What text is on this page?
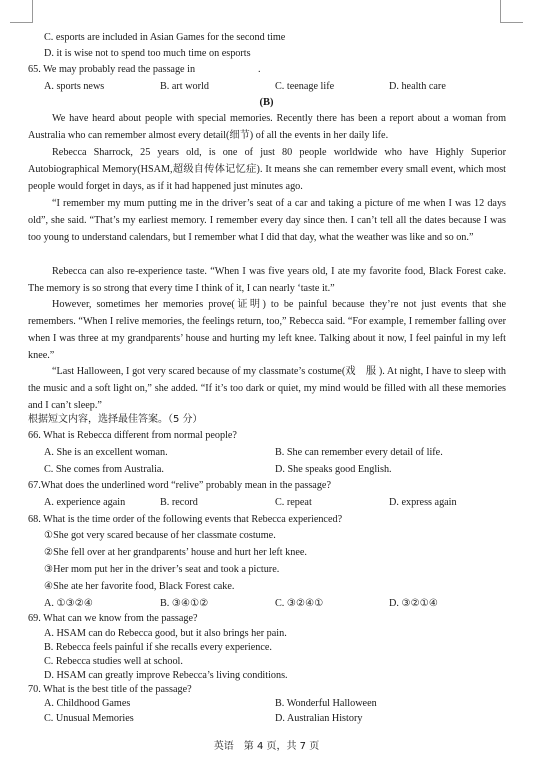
C. esports are included in Asian Games for the second time
D. it is wise not to spend too much time on esports
65. We may probably read the passage in	.
A. sports news	B. art world	C. teenage life	D. health care
(B)
We have heard about people with special memories. Recently there has been a report about a woman from Australia who can remember almost every detail(细节) of all the events in her daily life.
Rebecca Sharrock, 25 years old, is one of just 80 people worldwide who have Highly Superior Autobiographical Memory(HSAM,超级自传体记忆症). It means she can remember every small event, which most people would forget in days, as if it had happened just minutes ago.
“I remember my mum putting me in the driver’s seat of a car and taking a picture of me when I was 12 days old”, she said. “That’s my earliest memory. I remember every day since then. I can’t tell all the dates because I was too young to understand calendars, but I remember what I did that day, what the weather was like and so on.”
Rebecca can also re-experience taste. “When I was five years old, I ate my favorite food, Black Forest cake. The memory is so strong that every time I think of it, I can nearly ‘taste it.”
However, sometimes her memories prove(证明) to be painful because they’re not just events that she remembers. “When I relive memories, the feelings return, too,” Rebecca said. “For example, I remember falling over when I was three at my grandparents’ house and hurting my left knee. Talking about it now, I feel painful in my left knee.”
“Last Halloween, I got very scared because of my classmate’s costume(戏　服 ). At night, I have to sleep with the music and a soft light on,” she added. “If it’s too dark or quiet, my mind would be filled with all these memories and I can’t sleep.”
根据短文内容，选择最佳答案。（5 分）
66. What is Rebecca different from normal people?
A. She is an excellent woman.	B. She can remember every detail of life.
C. She comes from Australia.	D. She speaks good English.
67.What does the underlined word “relive” probably mean in the passage?
A. experience again	B. record	C. repeat	D. express again
68. What is the time order of the following events that Rebecca experienced?
①She got very scared because of her classmate costume.
②She fell over at her grandparents’ house and hurt her left knee.
③Her mom put her in the driver’s seat and took a picture.
④She ate her favorite food, Black Forest cake.
A. ①③②④	B. ③④①②	C. ③②④①	D. ③②①④
69. What can we know from the passage?
A. HSAM can do Rebecca good, but it also brings her pain.
B. Rebecca feels painful if she recalls every experience.
C. Rebecca studies well at school.
D. HSAM can greatly improve Rebecca’s living conditions.
70. What is the best title of the passage?
A. Childhood Games	B. Wonderful Halloween
C. Unusual Memories	D. Australian History
英语　第 4 页，共 7 页
